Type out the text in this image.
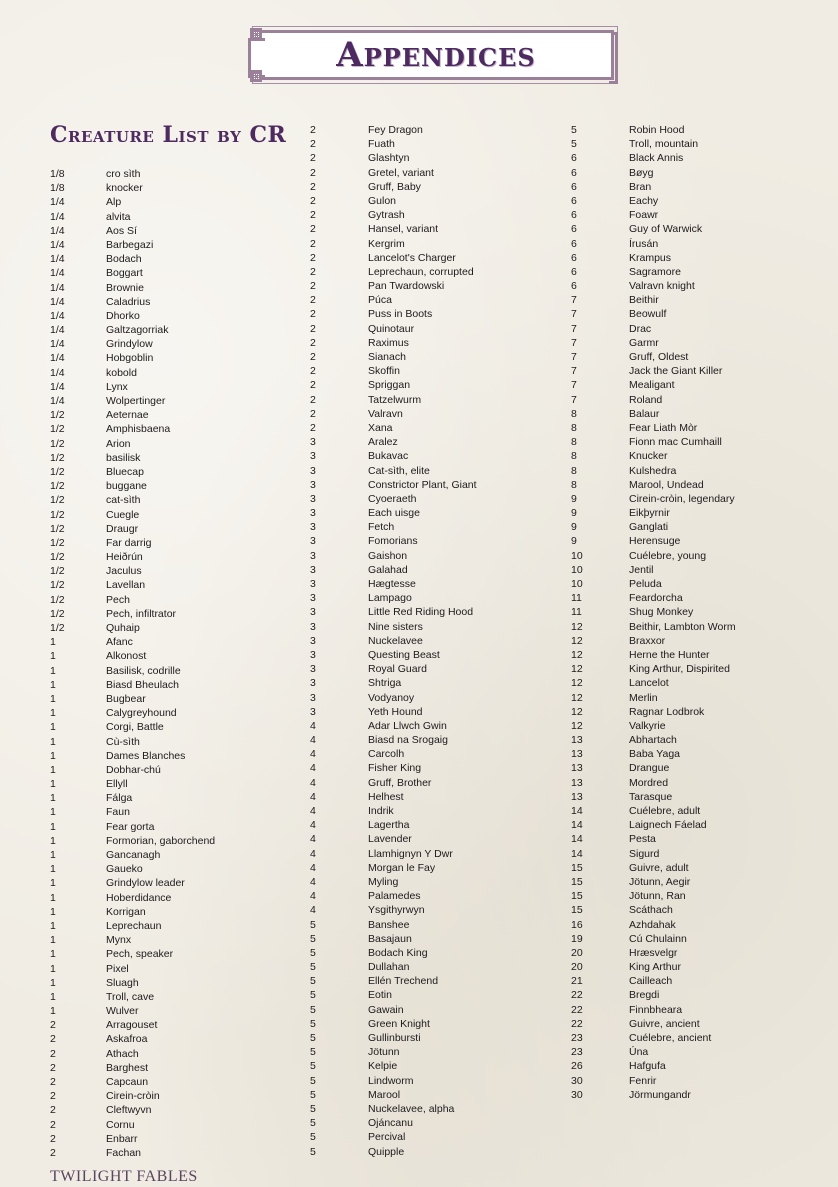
Appendices
Creature List by CR
1/8	cro sìth
1/8	knocker
1/4	Alp
1/4	alvita
1/4	Aos Sí
1/4	Barbegazi
1/4	Bodach
1/4	Boggart
1/4	Brownie
1/4	Caladrius
1/4	Dhorko
1/4	Galtzagorriak
1/4	Grindylow
1/4	Hobgoblin
1/4	kobold
1/4	Lynx
1/4	Wolpertinger
1/2	Aeternae
1/2	Amphisbaena
1/2	Arion
1/2	basilisk
1/2	Bluecap
1/2	buggane
1/2	cat-sìth
1/2	Cuegle
1/2	Draugr
1/2	Far darrig
1/2	Heiðrún
1/2	Jaculus
1/2	Lavellan
1/2	Pech
1/2	Pech, infiltrator
1/2	Quhaip
1	Afanc
1	Alkonost
1	Basilisk, codrille
1	Biasd Bheulach
1	Bugbear
1	Calygreyhound
1	Corgi, Battle
1	Cù-sìth
1	Dames Blanches
1	Dobhar-chú
1	Ellyll
1	Fálga
1	Faun
1	Fear gorta
1	Formorian, gaborchend
1	Gancanagh
1	Gaueko
1	Grindylow leader
1	Hoberdidance
1	Korrigan
1	Leprechaun
1	Mynx
1	Pech, speaker
1	Pixel
1	Sluagh
1	Troll, cave
1	Wulver
2	Arragouset
2	Askafroa
2	Athach
2	Barghest
2	Capcaun
2	Cirein-cròin
2	Cleftwyvn
2	Cornu
2	Enbarr
2	Fachan
2	Fey Dragon
2	Fuath
2	Glashtyn
2	Gretel, variant
2	Gruff, Baby
2	Gulon
2	Gytrash
2	Hansel, variant
2	Kergrim
2	Lancelot's Charger
2	Leprechaun, corrupted
2	Pan Twardowski
2	Púca
2	Puss in Boots
2	Quinotaur
2	Raximus
2	Sianach
2	Skoffin
2	Spriggan
2	Tatzelwurm
2	Valravn
2	Xana
3	Aralez
3	Bukavac
3	Cat-sìth, elite
3	Constrictor Plant, Giant
3	Cyoeraeth
3	Each uisge
3	Fetch
3	Fomorians
3	Gaishon
3	Galahad
3	Hægtesse
3	Lampago
3	Little Red Riding Hood
3	Nine sisters
3	Nuckelavee
3	Questing Beast
3	Royal Guard
3	Shtriga
3	Vodyanoy
3	Yeth Hound
4	Adar Llwch Gwin
4	Biasd na Srogaig
4	Carcolh
4	Fisher King
4	Gruff, Brother
4	Helhest
4	Indrik
4	Lagertha
4	Lavender
4	Llamhignyn Y Dwr
4	Morgan le Fay
4	Myling
4	Palamedes
4	Ysgithyrwyn
5	Banshee
5	Basajaun
5	Bodach King
5	Dullahan
5	Ellén Trechend
5	Eotin
5	Gawain
5	Green Knight
5	Gullinbursti
5	Jötunn
5	Kelpie
5	Lindworm
5	Marool
5	Nuckelavee, alpha
5	Ojáncanu
5	Percival
5	Quipple
5	Robin Hood
5	Troll, mountain
6	Black Annis
6	Bøyg
6	Bran
6	Eachy
6	Foawr
6	Guy of Warwick
6	Írusán
6	Krampus
6	Sagramore
6	Valravn knight
7	Beithir
7	Beowulf
7	Drac
7	Garmr
7	Gruff, Oldest
7	Jack the Giant Killer
7	Mealigant
7	Roland
8	Balaur
8	Fear Liath Mòr
8	Fionn mac Cumhaill
8	Knucker
8	Kulshedra
8	Marool, Undead
9	Cirein-cròin, legendary
9	Eikþyrnir
9	Ganglati
9	Herensuge
10	Cuélebre, young
10	Jentil
10	Peluda
11	Feardorcha
11	Shug Monkey
12	Beithir, Lambton Worm
12	Braxxor
12	Herne the Hunter
12	King Arthur, Dispirited
12	Lancelot
12	Merlin
12	Ragnar Lodbrok
12	Valkyrie
13	Abhartach
13	Baba Yaga
13	Drangue
13	Mordred
13	Tarasque
14	Cuélebre, adult
14	Laignech Fáelad
14	Pesta
14	Sigurd
15	Guivre, adult
15	Jötunn, Aegir
15	Jötunn, Ran
15	Scáthach
16	Azhdahak
19	Cú Chulainn
20	Hræsvelgr
20	King Arthur
21	Cailleach
22	Bregdi
22	Finnbheara
22	Guivre, ancient
23	Cuélebre, ancient
23	Úna
26	Hafgufa
30	Fenrir
30	Jörmungandr
TWILIGHT FABLES
